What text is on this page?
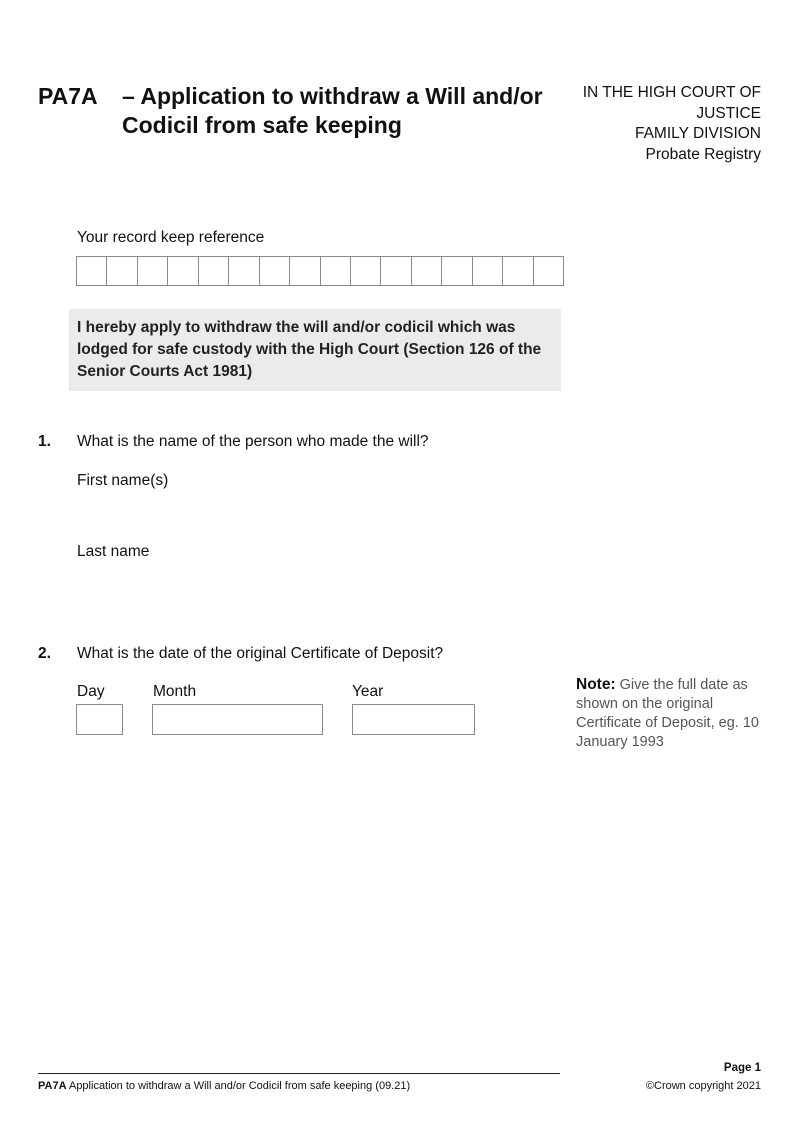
PA7A – Application to withdraw a Will and/or
Codicil from safe keeping
IN THE HIGH COURT OF
JUSTICE
FAMILY DIVISION
Probate Registry
Your record keep reference
I hereby apply to withdraw the will and/or codicil which was lodged for safe custody with the High Court (Section 126 of the Senior Courts Act 1981)
1. What is the name of the person who made the will?
First name(s)
Last name
2. What is the date of the original Certificate of Deposit?
Day	Month	Year	Note: Give the full date as shown on the original Certificate of Deposit, eg. 10 January 1993
Page 1
PA7A Application to withdraw a Will and/or Codicil from safe keeping (09.21)	©Crown copyright 2021
